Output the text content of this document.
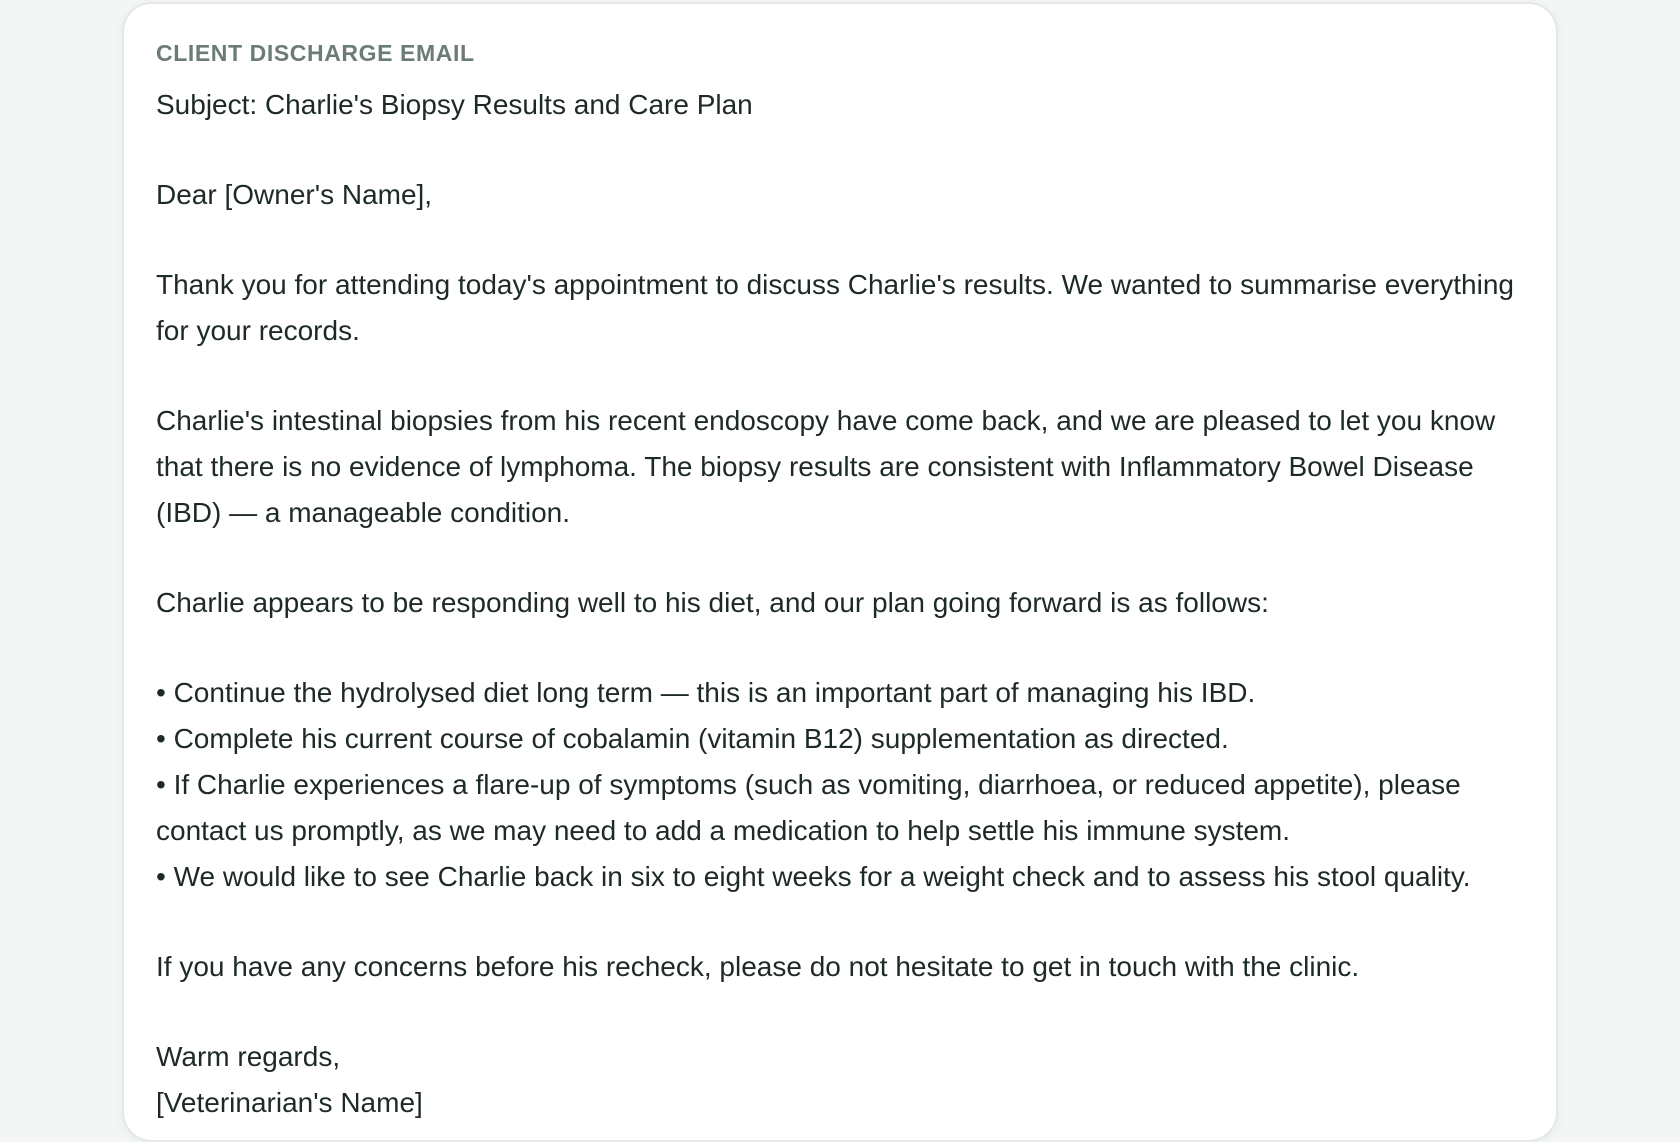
CLIENT DISCHARGE EMAIL

Subject: Charlie's Biopsy Results and Care Plan

Dear [Owner's Name],

Thank you for attending today's appointment to discuss Charlie's results. We wanted to summarise everything for your records.

Charlie's intestinal biopsies from his recent endoscopy have come back, and we are pleased to let you know that there is no evidence of lymphoma. The biopsy results are consistent with Inflammatory Bowel Disease (IBD) — a manageable condition.

Charlie appears to be responding well to his diet, and our plan going forward is as follows:

• Continue the hydrolysed diet long term — this is an important part of managing his IBD.
• Complete his current course of cobalamin (vitamin B12) supplementation as directed.
• If Charlie experiences a flare-up of symptoms (such as vomiting, diarrhoea, or reduced appetite), please contact us promptly, as we may need to add a medication to help settle his immune system.
• We would like to see Charlie back in six to eight weeks for a weight check and to assess his stool quality.

If you have any concerns before his recheck, please do not hesitate to get in touch with the clinic.

Warm regards,

[Veterinarian's Name]
